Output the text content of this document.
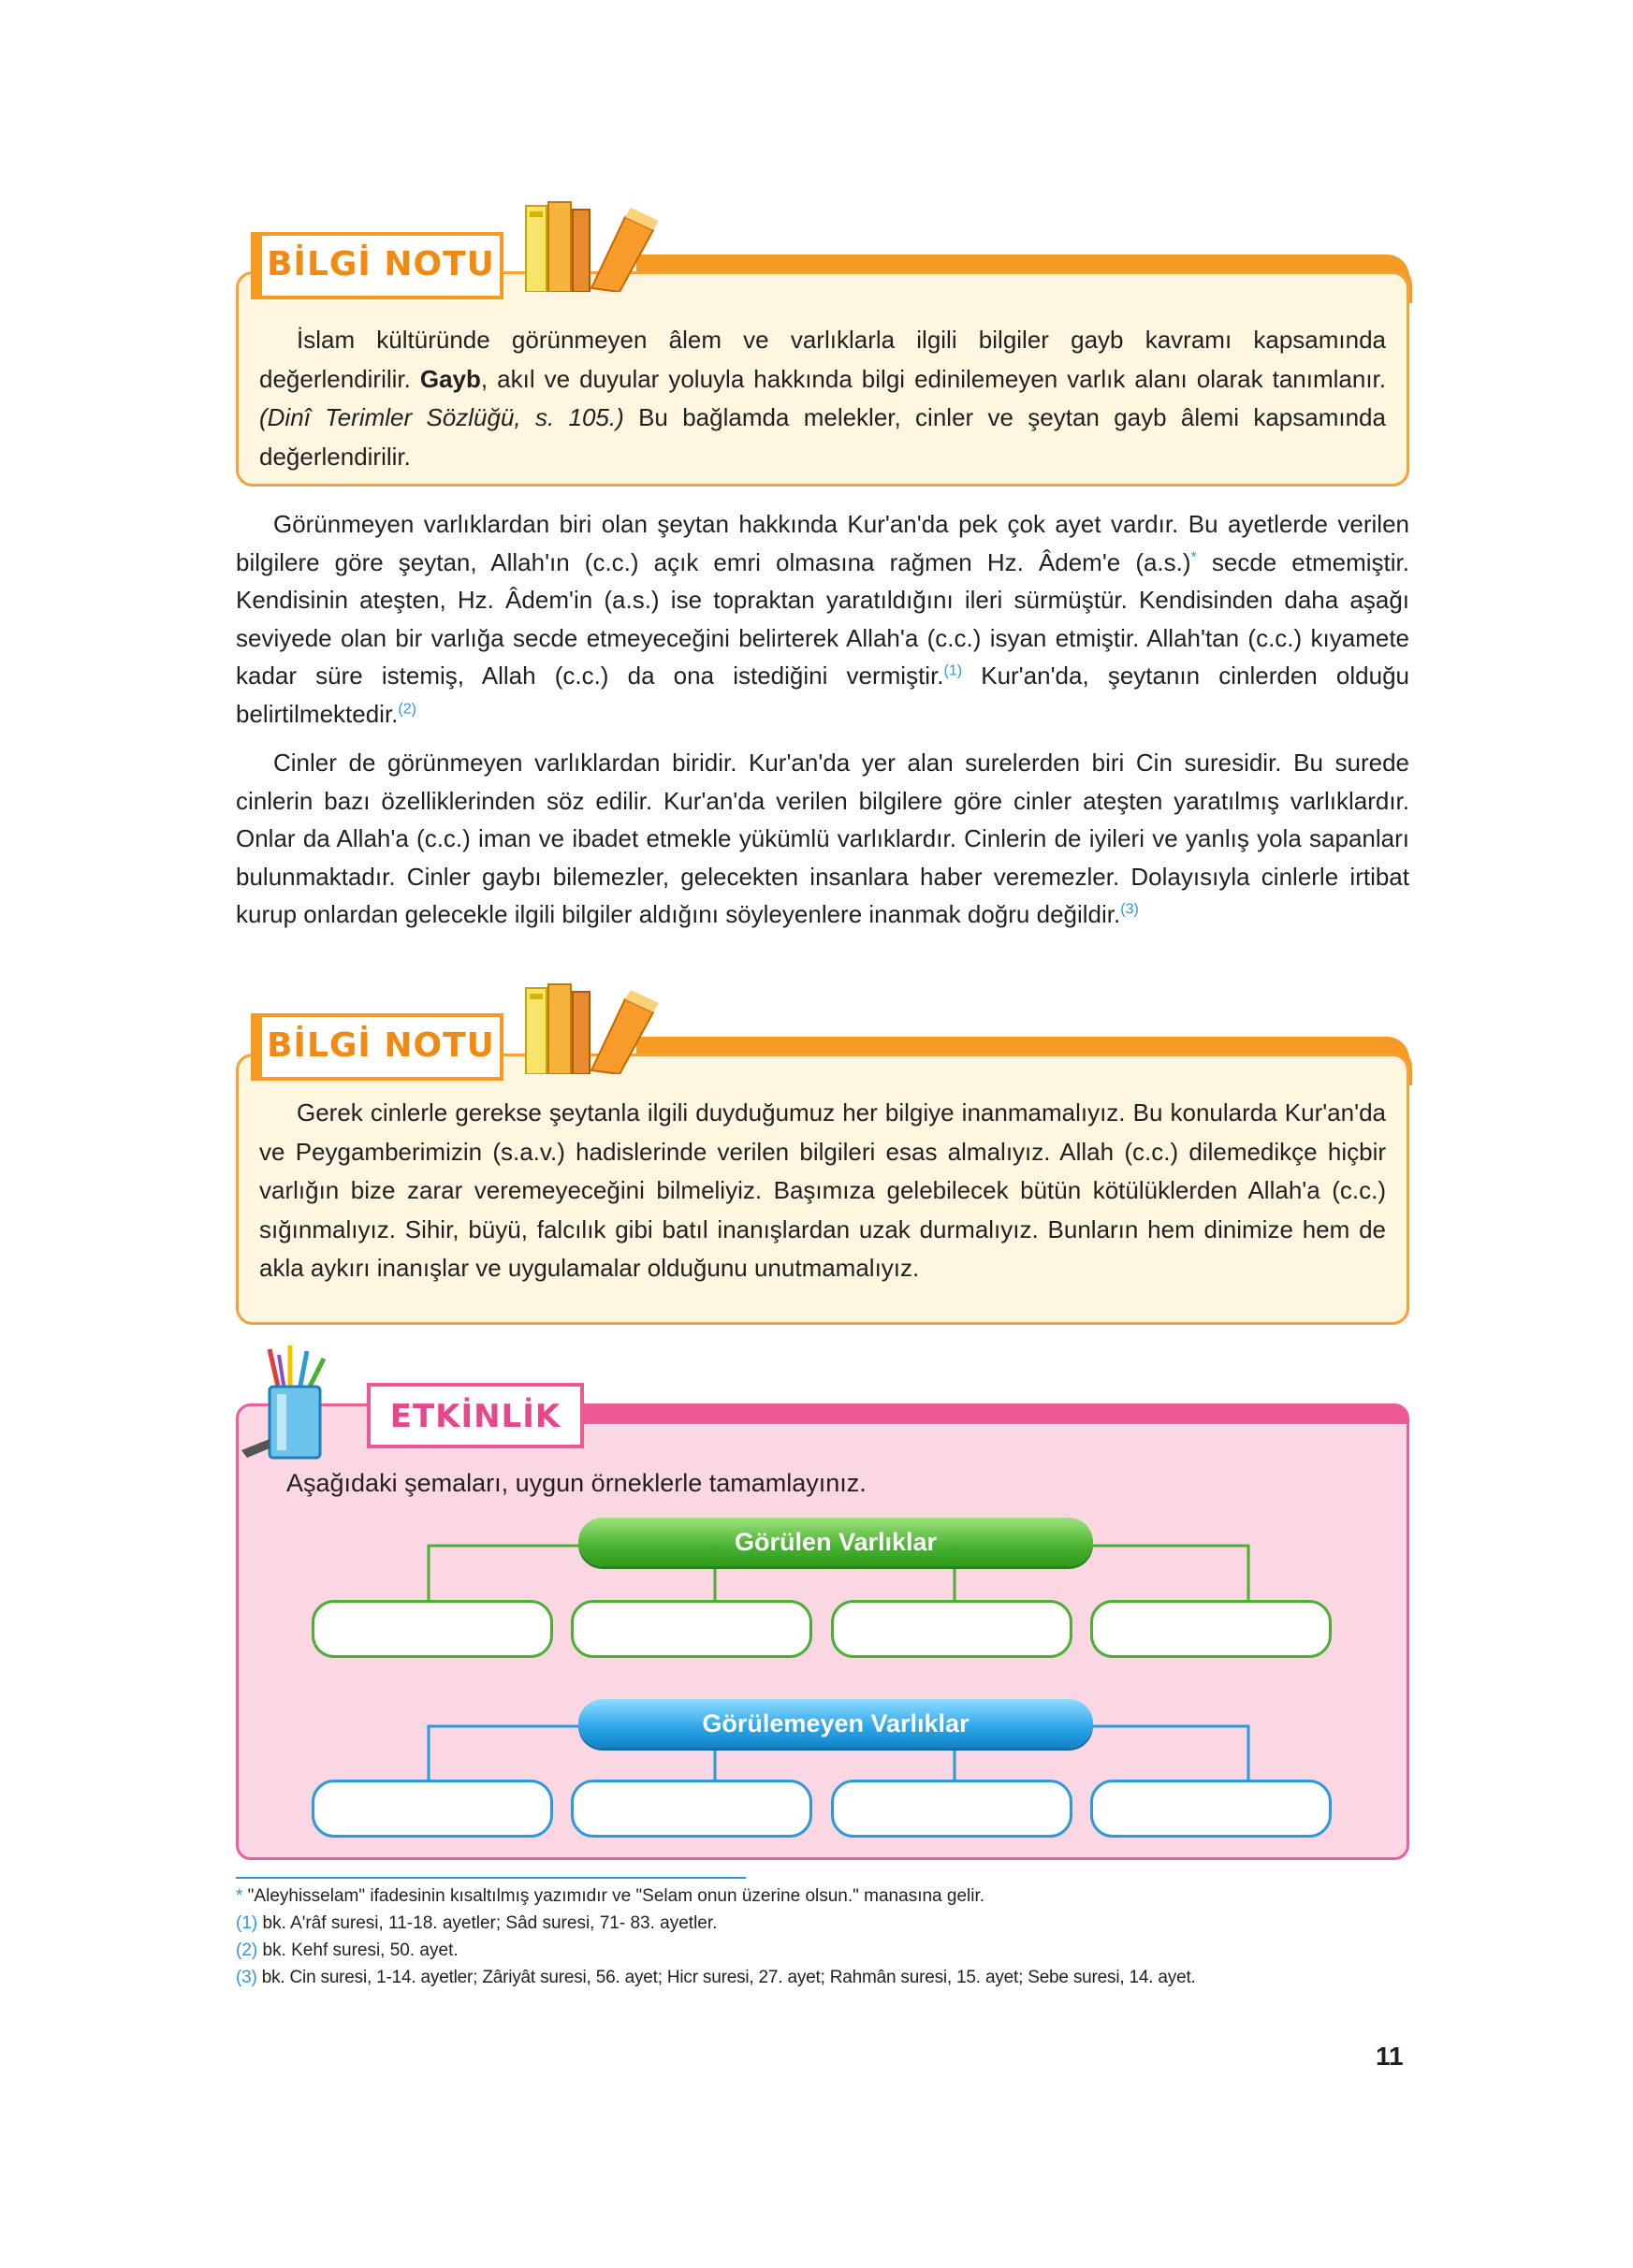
İslam kültüründe görünmeyen âlem ve varlıklarla ilgili bilgiler gayb kavramı kapsamında değerlendirilir. Gayb, akıl ve duyular yoluyla hakkında bilgi edinilemeyen varlık alanı olarak tanımlanır. (Dinî Terimler Sözlüğü, s. 105.) Bu bağlamda melekler, cinler ve şeytan gayb âlemi kapsamında değerlendirilir.
BİLGİ NOTU
Görünmeyen varlıklardan biri olan şeytan hakkında Kur'an'da pek çok ayet vardır. Bu ayetlerde verilen bilgilere göre şeytan, Allah'ın (c.c.) açık emri olmasına rağmen Hz. Âdem'e (a.s.)* secde etmemiştir. Kendisinin ateşten, Hz. Âdem'in (a.s.) ise topraktan yaratıldığını ileri sürmüştür. Kendisinden daha aşağı seviyede olan bir varlığa secde etmeyeceğini belirterek Allah'a (c.c.) isyan etmiştir. Allah'tan (c.c.) kıyamete kadar süre istemiş, Allah (c.c.) da ona istediğini vermiştir.$^{(1)}$ Kur'an'da, şeytanın cinlerden olduğu belirtilmektedir.$^{(2)}$
Cinler de görünmeyen varlıklardan biridir. Kur'an'da yer alan surelerden biri Cin suresidir. Bu surede cinlerin bazı özelliklerinden söz edilir. Kur'an'da verilen bilgilere göre cinler ateşten yaratılmış varlıklardır. Onlar da Allah'a (c.c.) iman ve ibadet etmekle yükümlü varlıklardır. Cinlerin de iyileri ve yanlış yola sapanları bulunmaktadır. Cinler gaybı bilemezler, gelecekten insanlara haber veremezler. Dolayısıyla cinlerle irtibat kurup onlardan gelecekle ilgili bilgiler aldığını söyleyenlere inanmak doğru değildir.$^{(3)}$
Gerek cinlerle gerekse şeytanla ilgili duyduğumuz her bilgiye inanmamalıyız. Bu konularda Kur'an'da ve Peygamberimizin (s.a.v.) hadislerinde verilen bilgileri esas almalıyız. Allah (c.c.) dilemedikçe hiçbir varlığın bize zarar veremeyeceğini bilmeliyiz. Başımıza gelebilecek bütün kötülüklerden Allah'a (c.c.) sığınmalıyız. Sihir, büyü, falcılık gibi batıl inanışlardan uzak durmalıyız. Bunların hem dinimize hem de akla aykırı inanışlar ve uygulamalar olduğunu unutmamalıyız.
BİLGİ NOTU
ETKİNLİK
Aşağıdaki şemaları, uygun örneklerle tamamlayınız.
Görülen Varlıklar
Görülemeyen Varlıklar
* "Aleyhisselam" ifadesinin kısaltılmış yazımıdır ve "Selam onun üzerine olsun." manasına gelir.
(1) bk. A'râf suresi, 11-18. ayetler; Sâd suresi, 71- 83. ayetler.
(2) bk. Kehf suresi, 50. ayet.
(3) bk. Cin suresi, 1-14. ayetler; Zâriyât suresi, 56. ayet; Hicr suresi, 27. ayet; Rahmân suresi, 15. ayet; Sebe suresi, 14. ayet.
11
